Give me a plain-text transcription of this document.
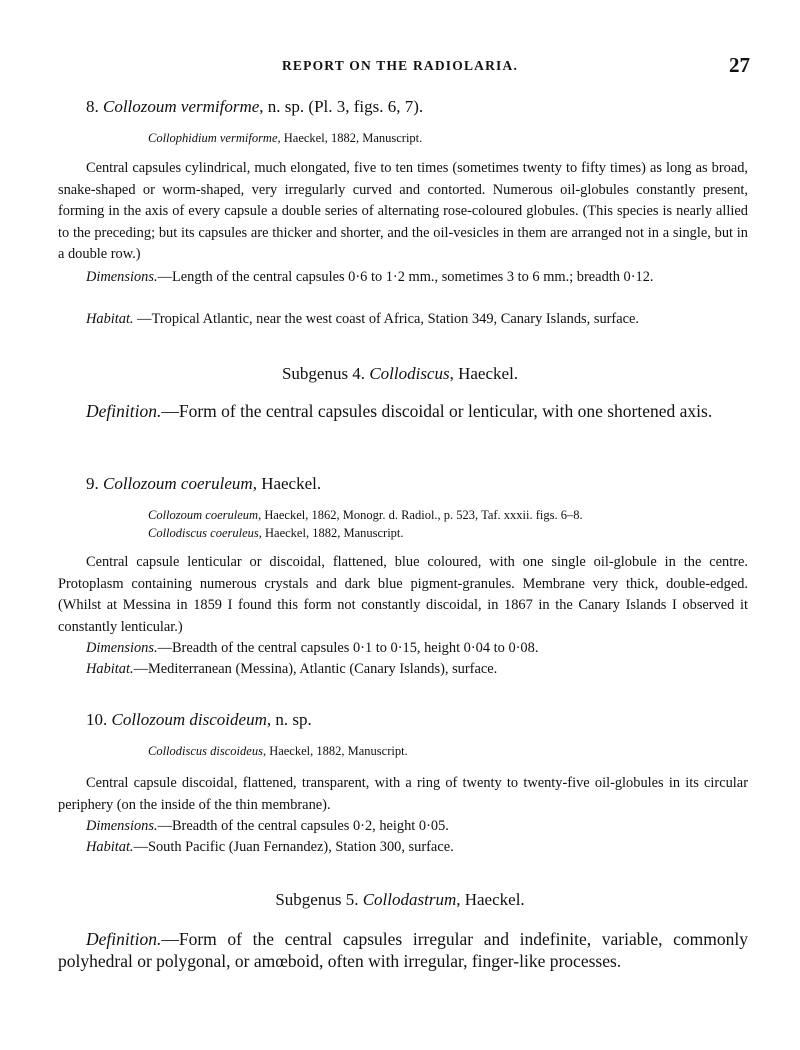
REPORT ON THE RADIOLARIA.	27
8. Collozoum vermiforme, n. sp. (Pl. 3, figs. 6, 7).
Collophidium vermiforme, Haeckel, 1882, Manuscript.
Central capsules cylindrical, much elongated, five to ten times (sometimes twenty to fifty times) as long as broad, snake-shaped or worm-shaped, very irregularly curved and contorted. Numerous oil-globules constantly present, forming in the axis of every capsule a double series of alternating rose-coloured globules. (This species is nearly allied to the preceding; but its capsules are thicker and shorter, and the oil-vesicles in them are arranged not in a single, but in a double row.)
Dimensions.—Length of the central capsules 0·6 to 1·2 mm., sometimes 3 to 6 mm.; breadth 0·12.
Habitat. —Tropical Atlantic, near the west coast of Africa, Station 349, Canary Islands, surface.
Subgenus 4. Collodiscus, Haeckel.
Definition.—Form of the central capsules discoidal or lenticular, with one shortened axis.
9. Collozoum coeruleum, Haeckel.
Collozoum coeruleum, Haeckel, 1862, Monogr. d. Radiol., p. 523, Taf. xxxii. figs. 6–8.
Collodiscus coeruleus, Haeckel, 1882, Manuscript.
Central capsule lenticular or discoidal, flattened, blue coloured, with one single oil-globule in the centre. Protoplasm containing numerous crystals and dark blue pigment-granules. Membrane very thick, double-edged. (Whilst at Messina in 1859 I found this form not constantly discoidal, in 1867 in the Canary Islands I observed it constantly lenticular.)
Dimensions.—Breadth of the central capsules 0·1 to 0·15, height 0·04 to 0·08.
Habitat.—Mediterranean (Messina), Atlantic (Canary Islands), surface.
10. Collozoum discoideum, n. sp.
Collodiscus discoideus, Haeckel, 1882, Manuscript.
Central capsule discoidal, flattened, transparent, with a ring of twenty to twenty-five oil-globules in its circular periphery (on the inside of the thin membrane).
Dimensions.—Breadth of the central capsules 0·2, height 0·05.
Habitat.—South Pacific (Juan Fernandez), Station 300, surface.
Subgenus 5. Collodastrum, Haeckel.
Definition.—Form of the central capsules irregular and indefinite, variable, commonly polyhedral or polygonal, or amœboid, often with irregular, finger-like processes.
